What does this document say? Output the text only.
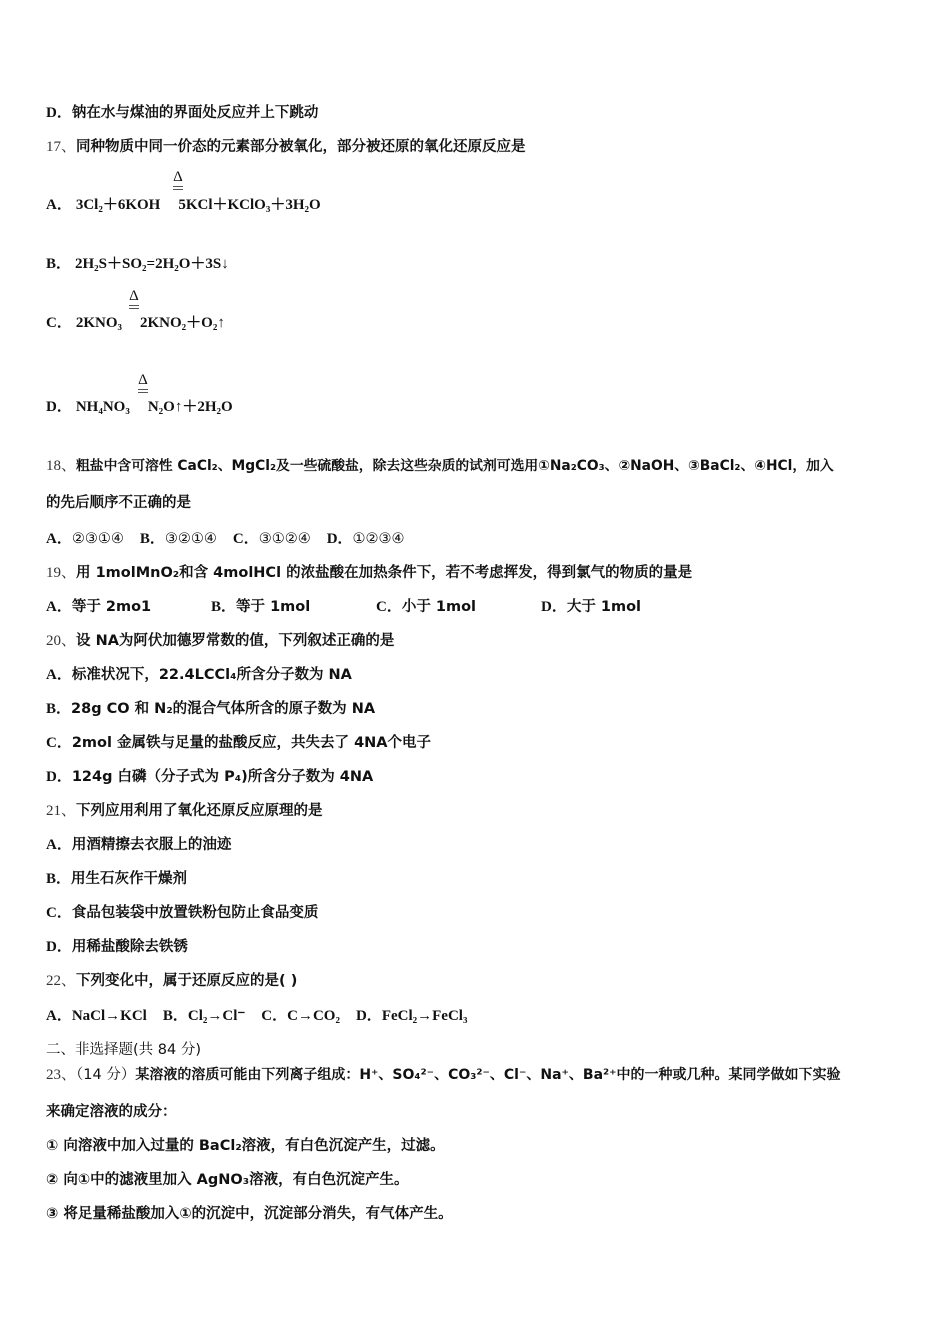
D．钠在水与煤油的界面处反应并上下跳动
17、同种物质中同一价态的元素部分被氧化，部分被还原的氧化还原反应是
Δ
A． 3Cl₂＋6KOH 5KCl＋KClO₃＋3H₂O
B． 2H₂S＋SO₂=2H₂O＋3S↓
Δ
C． 2KNO₃ 2KNO₂＋O₂↑
Δ
D． NH₄NO₃ N₂O↑＋2H₂O
18、粗盐中含可溶性 CaCl₂、MgCl₂及一些硫酸盐，除去这些杂质的试剂可选用①Na₂CO₃、②NaOH、③BaCl₂、④HCl，加入
的先后顺序不正确的是
A．②③①④ B．③②①④ C．③①②④ D．①②③④
19、用 1molMnO₂和含 4molHCl 的浓盐酸在加热条件下，若不考虑挥发，得到氯气的物质的量是
A．等于 2mo1	B．等于 1mol	C．小于 1mol	D．大于 1mol
20、设 NA为阿伏加德罗常数的值，下列叙述正确的是
A．标准状况下，22.4LCCl₄所含分子数为 NA
B．28g CO 和 N₂的混合气体所含的原子数为 NA
C．2mol 金属铁与足量的盐酸反应，共失去了 4NA个电子
D．124g 白磷（分子式为 P₄)所含分子数为 4NA
21、下列应用利用了氧化还原反应原理的是
A．用酒精擦去衣服上的油迹
B．用生石灰作干燥剂
C．食品包装袋中放置铁粉包防止食品变质
D．用稀盐酸除去铁锈
22、下列变化中，属于还原反应的是( )
A．NaCl→KCl B．Cl₂→Cl⁻ C．C→CO₂ D．FeCl₂→FeCl₃
二、非选择题(共 84 分)
23、（14 分）某溶液的溶质可能由下列离子组成：H⁺、SO₄²⁻、CO₃²⁻、Cl⁻、Na⁺、Ba²⁺中的一种或几种。某同学做如下实验
来确定溶液的成分：
① 向溶液中加入过量的 BaCl₂溶液，有白色沉淀产生，过滤。
② 向①中的滤液里加入 AgNO₃溶液，有白色沉淀产生。
③ 将足量稀盐酸加入①的沉淀中，沉淀部分消失，有气体产生。
